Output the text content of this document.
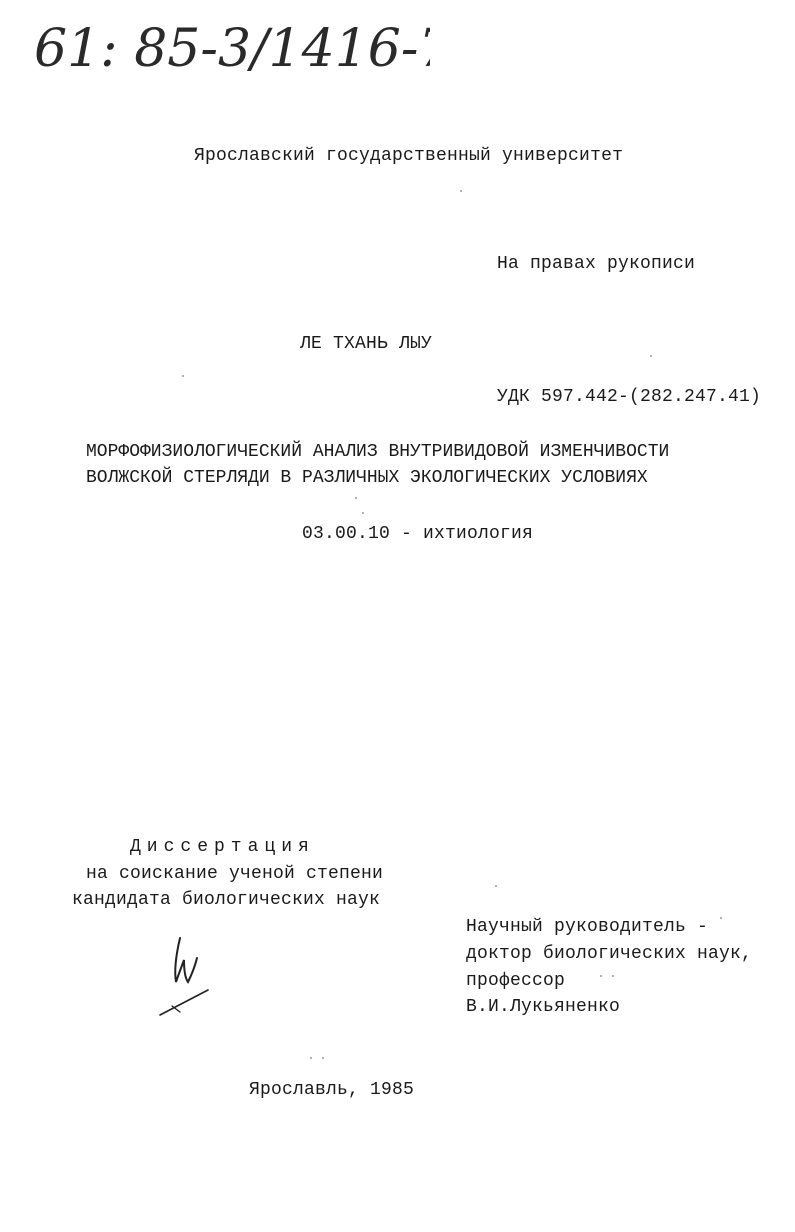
61: 85-3/1416-7
Ярославский государственный университет
На правах рукописи
ЛЕ ТХАНЬ ЛЫУ
УДК 597.442-(282.247.41)
МОРФОФИЗИОЛОГИЧЕСКИЙ АНАЛИЗ ВНУТРИВИДОВОЙ ИЗМЕНЧИВОСТИ
ВОЛЖСКОЙ СТЕРЛЯДИ В РАЗЛИЧНЫХ ЭКОЛОГИЧЕСКИХ УСЛОВИЯХ
03.00.10 - ихтиология
Диссертация
на соискание ученой степени
кандидата биологических наук
Научный руководитель -
доктор биологических наук,
профессор
В.И.Лукьяненко
Ярославль, 1985
